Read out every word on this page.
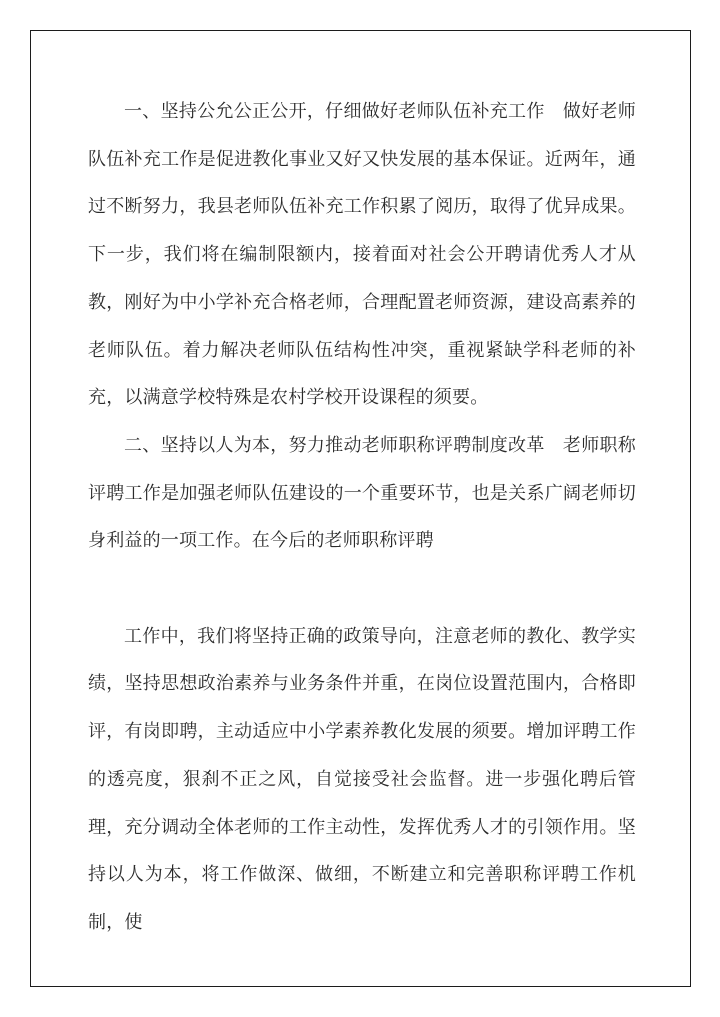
一、坚持公允公正公开，仔细做好老师队伍补充工作　做好老师队伍补充工作是促进教化事业又好又快发展的基本保证。近两年，通过不断努力，我县老师队伍补充工作积累了阅历，取得了优异成果。下一步，我们将在编制限额内，接着面对社会公开聘请优秀人才从教，刚好为中小学补充合格老师，合理配置老师资源，建设高素养的老师队伍。着力解决老师队伍结构性冲突，重视紧缺学科老师的补充，以满意学校特殊是农村学校开设课程的须要。

二、坚持以人为本，努力推动老师职称评聘制度改革　老师职称评聘工作是加强老师队伍建设的一个重要环节，也是关系广阔老师切身利益的一项工作。在今后的老师职称评聘

工作中，我们将坚持正确的政策导向，注意老师的教化、教学实绩，坚持思想政治素养与业务条件并重，在岗位设置范围内，合格即评，有岗即聘，主动适应中小学素养教化发展的须要。增加评聘工作的透亮度，狠刹不正之风，自觉接受社会监督。进一步强化聘后管理，充分调动全体老师的工作主动性，发挥优秀人才的引领作用。坚持以人为本，将工作做深、做细，不断建立和完善职称评聘工作机制，使
